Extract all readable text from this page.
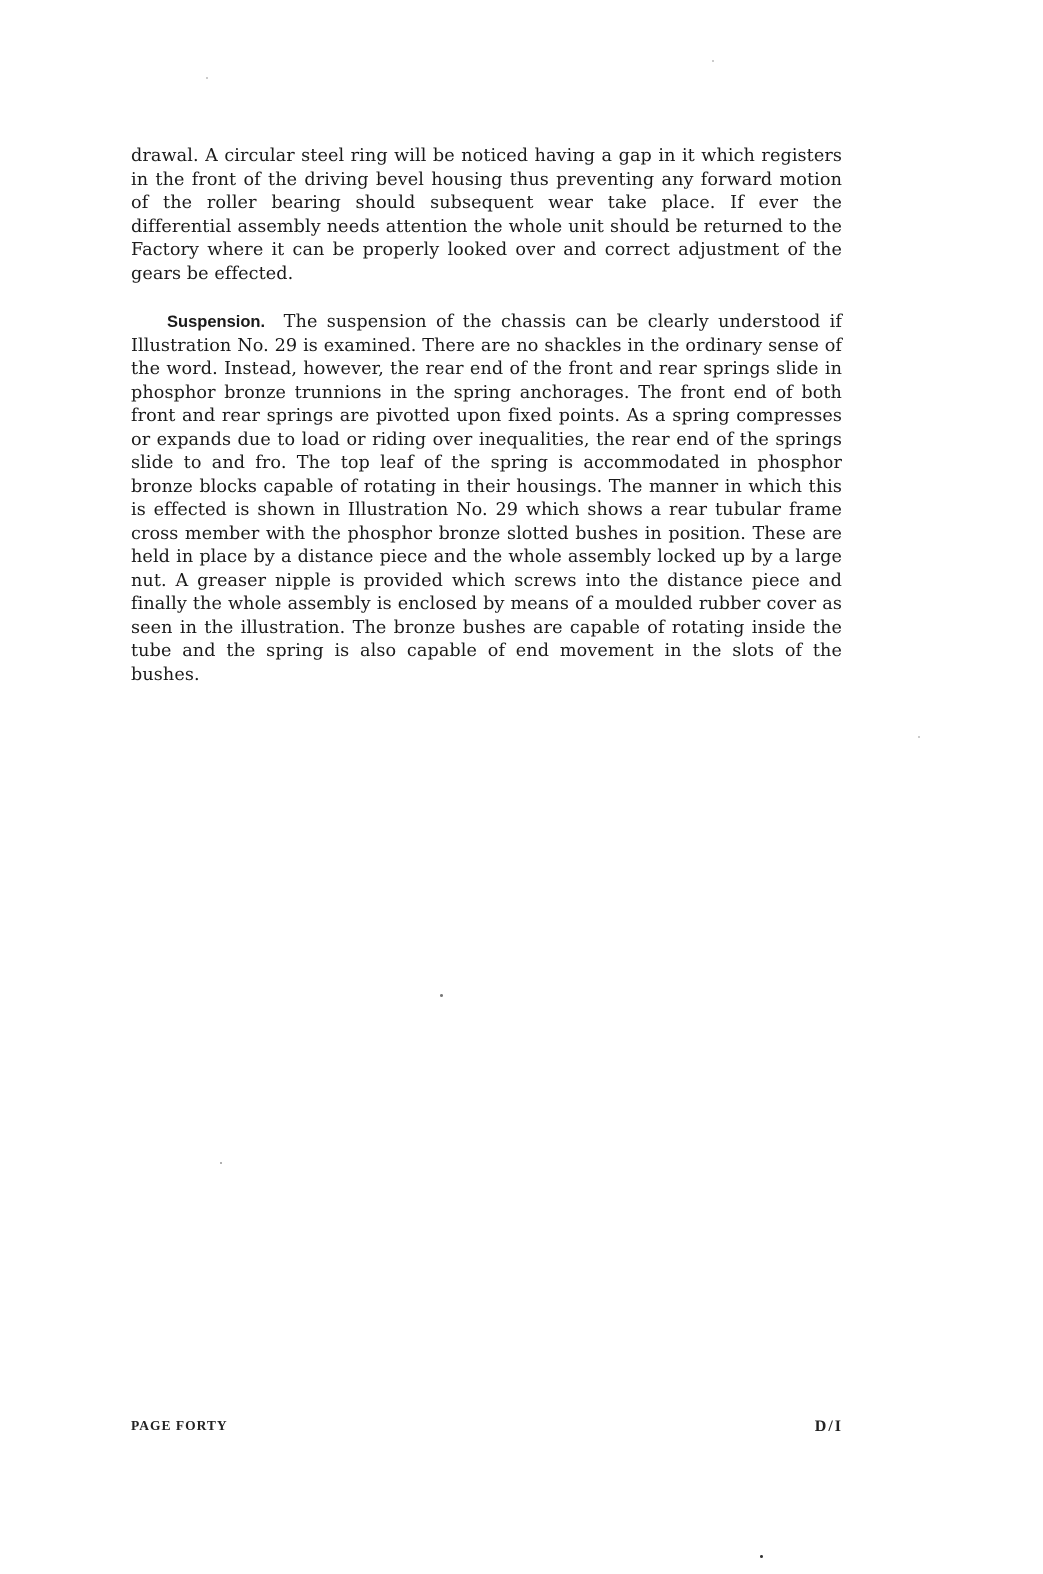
drawal. A circular steel ring will be noticed having a gap in it which registers in the front of the driving bevel housing thus preventing any forward motion of the roller bearing should subsequent wear take place. If ever the differential assembly needs attention the whole unit should be returned to the Factory where it can be properly looked over and correct adjustment of the gears be effected.

Suspension. The suspension of the chassis can be clearly understood if Illustration No. 29 is examined. There are no shackles in the ordinary sense of the word. Instead, however, the rear end of the front and rear springs slide in phosphor bronze trunnions in the spring anchorages. The front end of both front and rear springs are pivotted upon fixed points. As a spring compresses or expands due to load or riding over inequalities, the rear end of the springs slide to and fro. The top leaf of the spring is accommodated in phosphor bronze blocks capable of rotating in their housings. The manner in which this is effected is shown in Illustration No. 29 which shows a rear tubular frame cross member with the phosphor bronze slotted bushes in position. These are held in place by a distance piece and the whole assembly locked up by a large nut. A greaser nipple is provided which screws into the distance piece and finally the whole assembly is enclosed by means of a moulded rubber cover as seen in the illustration. The bronze bushes are capable of rotating inside the tube and the spring is also capable of end movement in the slots of the bushes.

PAGE FORTY	D/I
